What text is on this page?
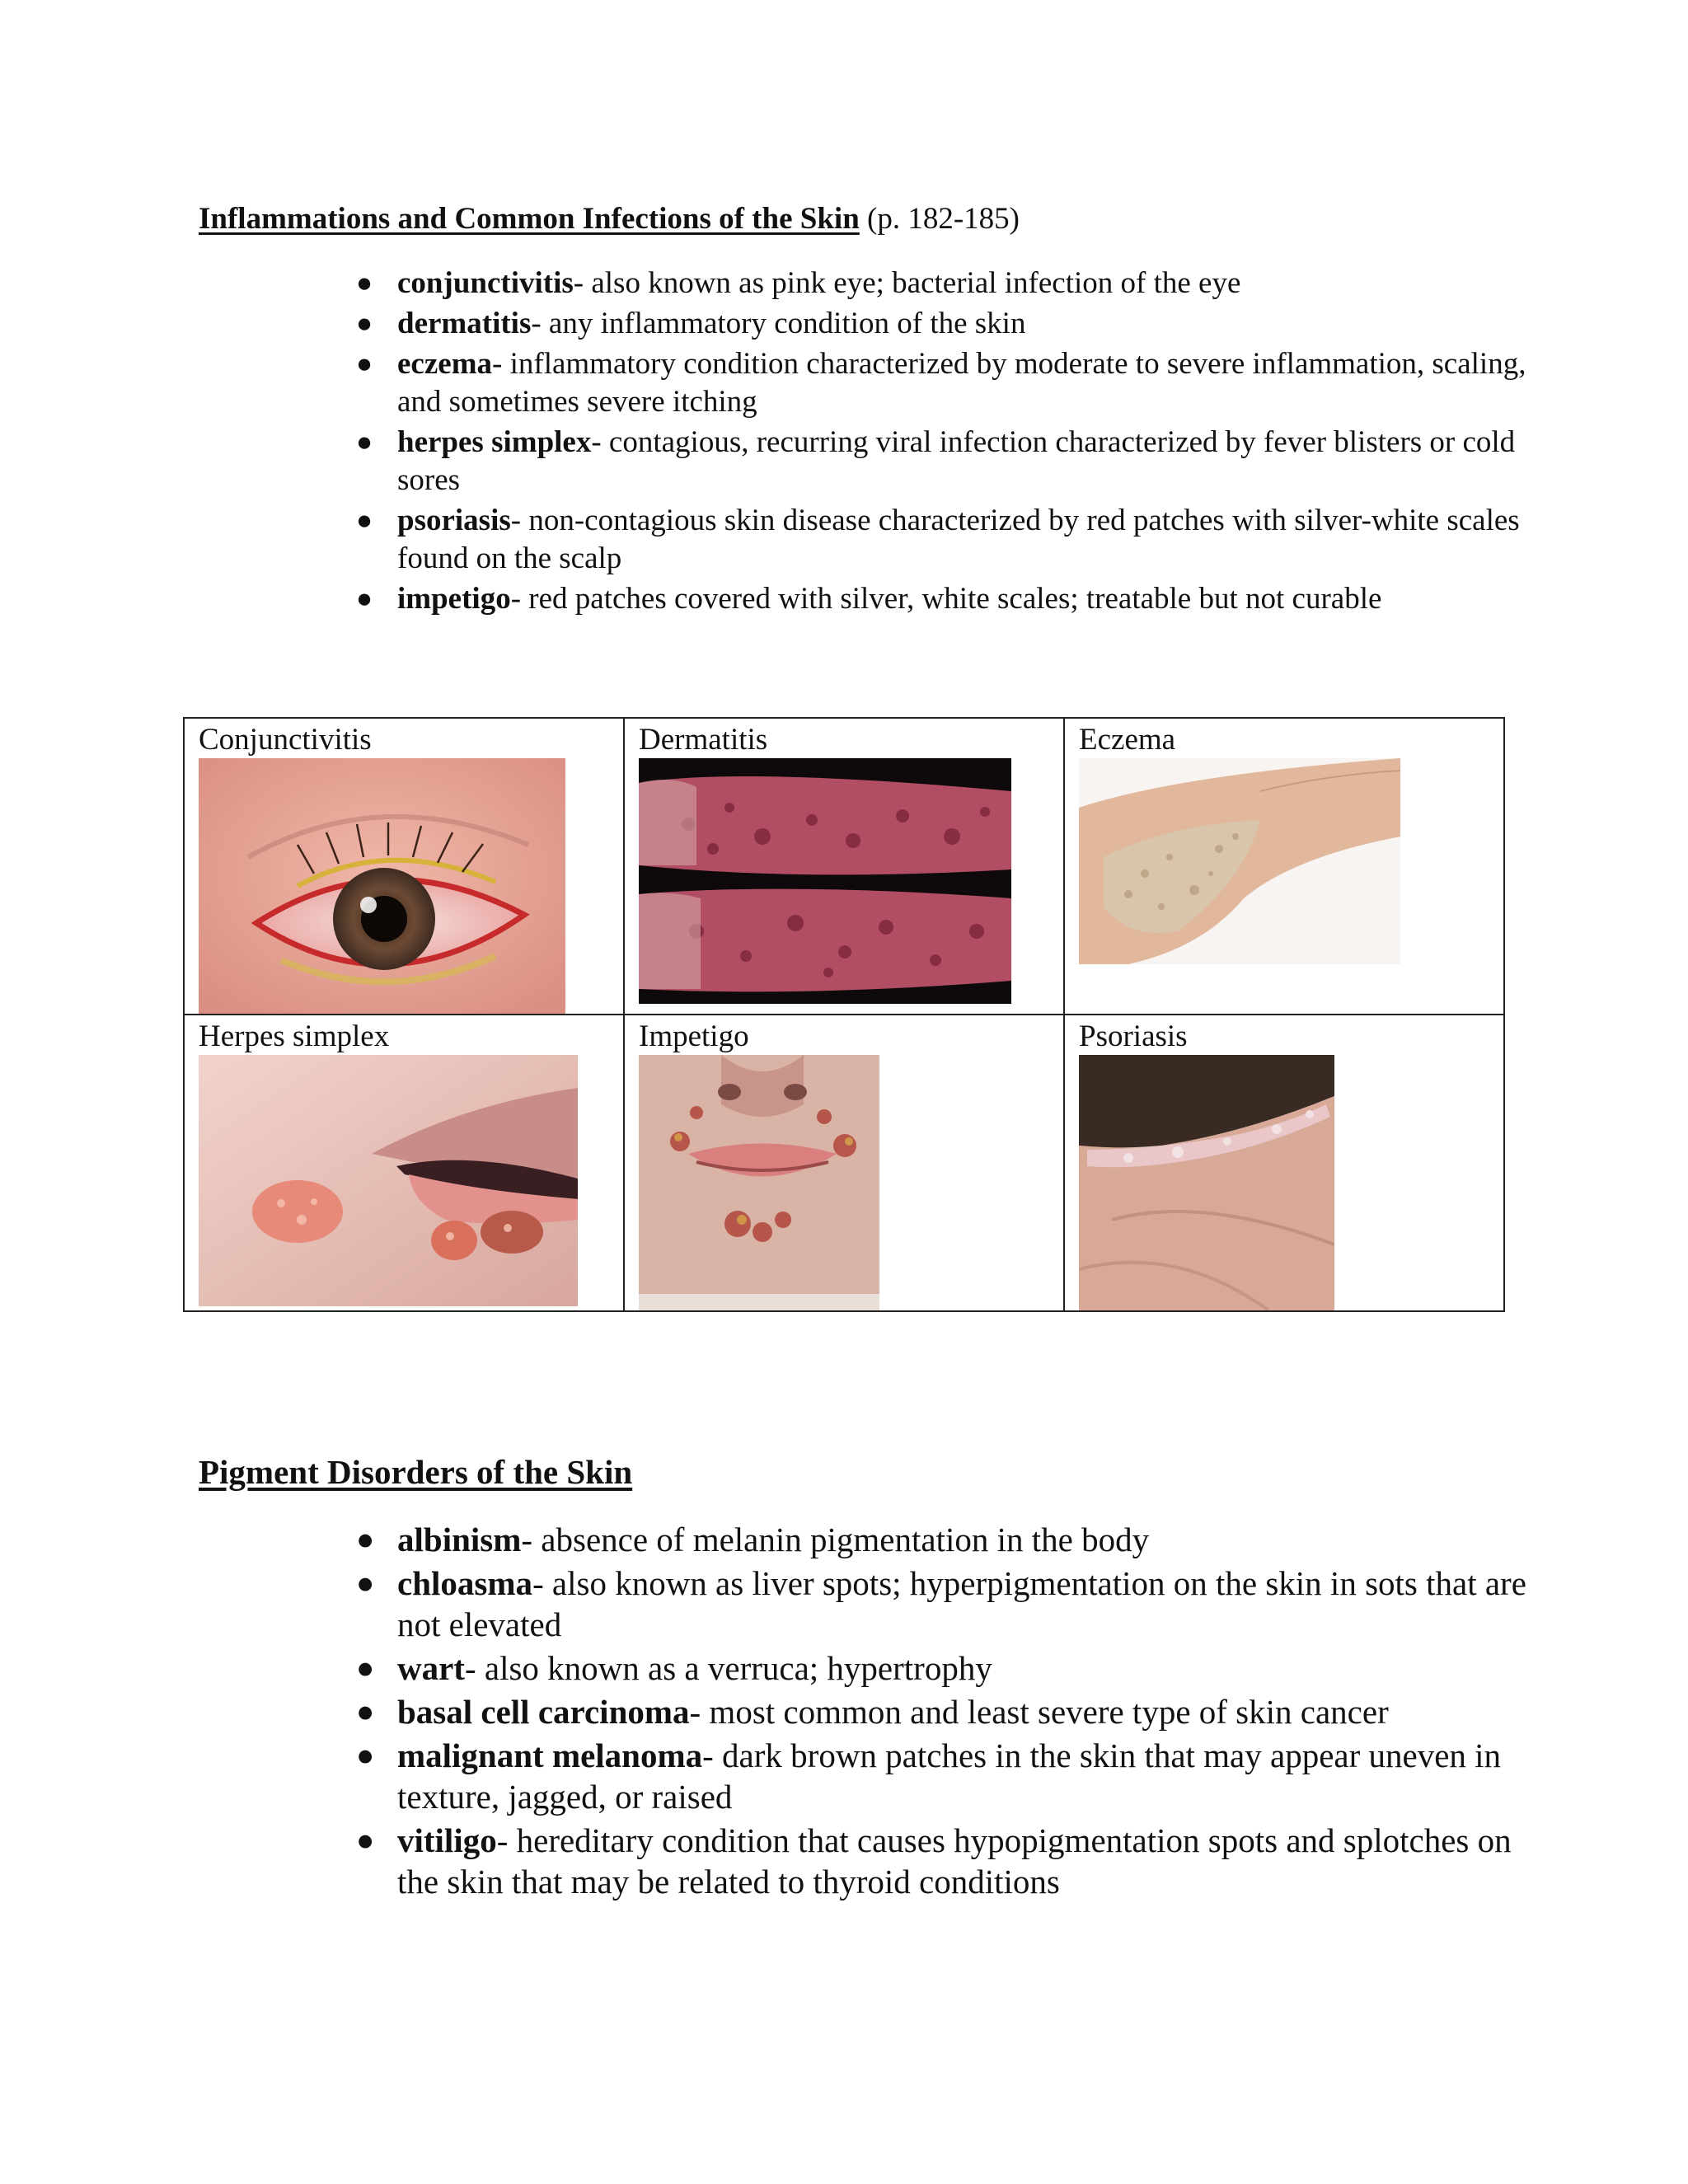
Inflammations and Common Infections of the Skin (p. 182-185)
● conjunctivitis- also known as pink eye; bacterial infection of the eye
● dermatitis- any inflammatory condition of the skin
● eczema- inflammatory condition characterized by moderate to severe inflammation, scaling, and sometimes severe itching
● herpes simplex- contagious, recurring viral infection characterized by fever blisters or cold sores
● psoriasis- non-contagious skin disease characterized by red patches with silver-white scales found on the scalp
● impetigo- red patches covered with silver, white scales; treatable but not curable
Conjunctivitis	Dermatitis	Eczema

Herpes simplex	Impetigo	Psoriasis
Pigment Disorders of the Skin
● albinism- absence of melanin pigmentation in the body
● chloasma- also known as liver spots; hyperpigmentation on the skin in sots that are not elevated
● wart- also known as a verruca; hypertrophy
● basal cell carcinoma- most common and least severe type of skin cancer
● malignant melanoma- dark brown patches in the skin that may appear uneven in texture, jagged, or raised
● vitiligo- hereditary condition that causes hypopigmentation spots and splotches on the skin that may be related to thyroid conditions
